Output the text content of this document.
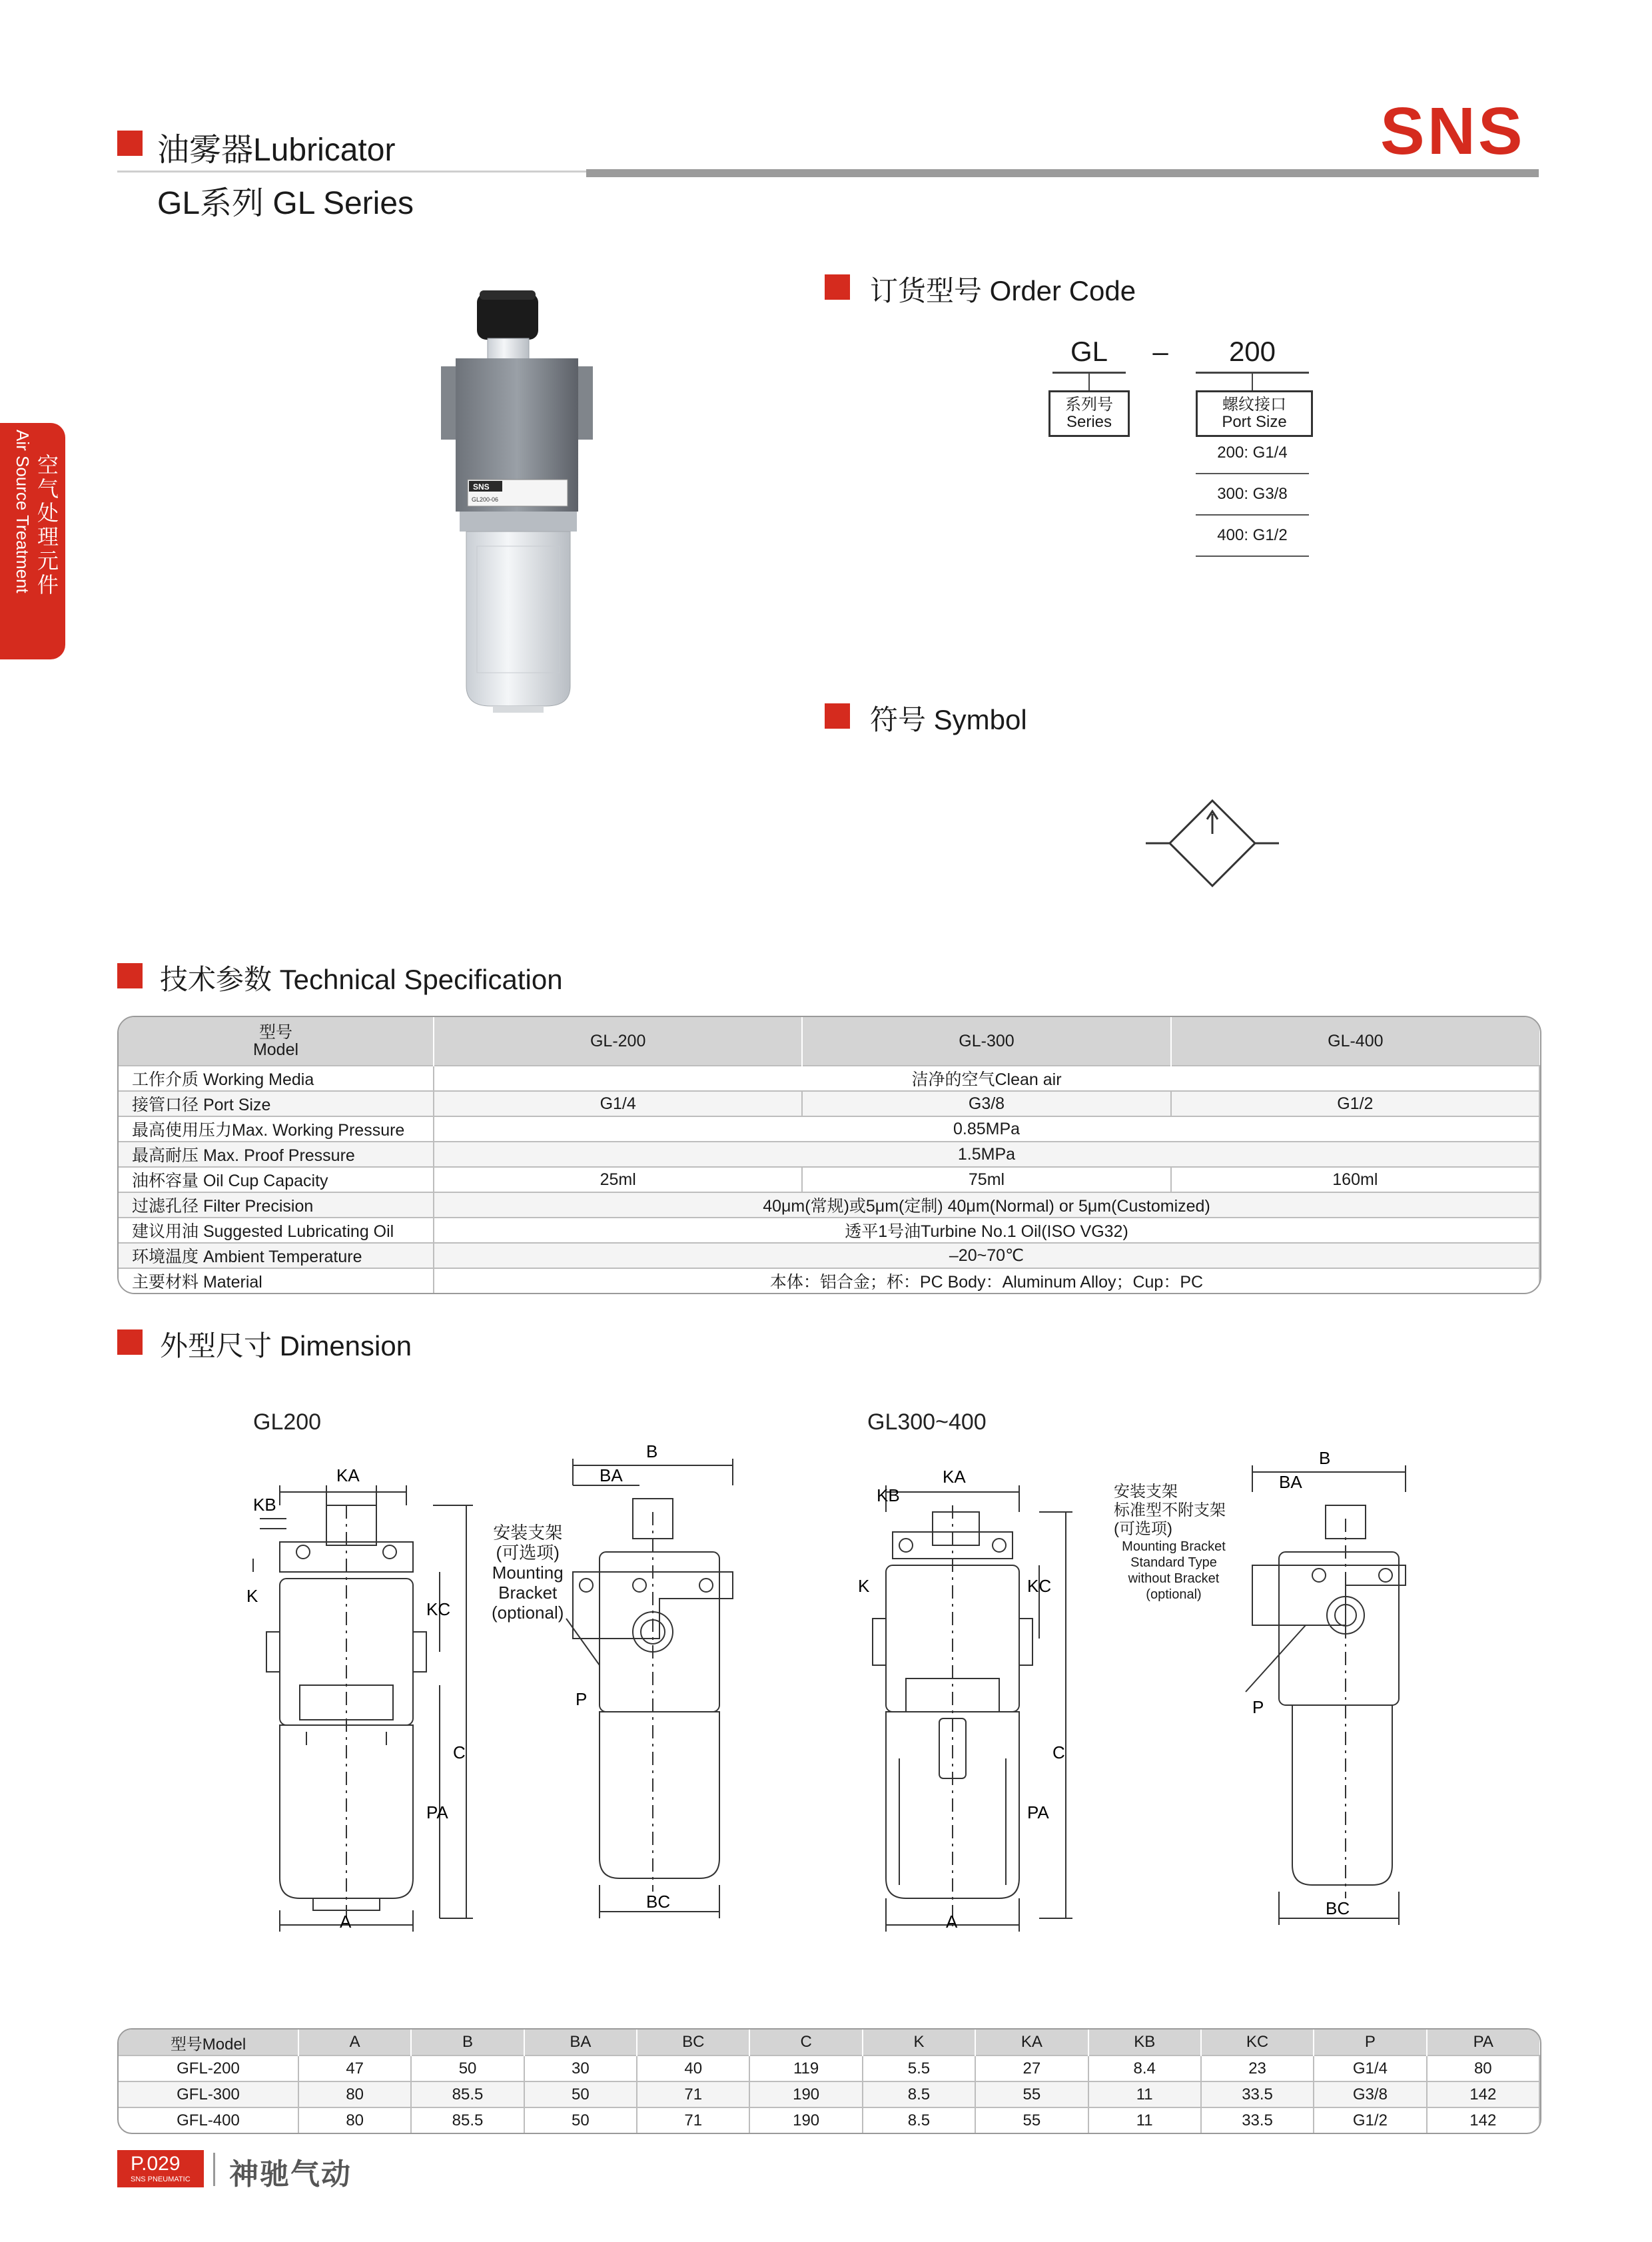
油雾器Lubricator
GL系列 GL Series
SNS
空气处理元件
Air Source Treatment	SNS
GL200-06
订货型号 Order Code
GL	–	200
系列号
Series
螺纹接口
Port Size
200: G1/4
300: G3/8
400: G1/2
符号 Symbol
技术参数 Technical Specification
型号
Model	GL-200	GL-300	GL-400
工作介质 Working Media	洁净的空气Clean air		
接管口径 Port Size	G1/4	G3/8	G1/2
最高使用压力Max. Working Pressure	0.85MPa		
最高耐压 Max. Proof Pressure	1.5MPa		
油杯容量 Oil Cup Capacity	25ml	75ml	160ml
过滤孔径 Filter Precision	40μm(常规)或5μm(定制) 40μm(Normal) or 5μm(Customized)		
建议用油 Suggested Lubricating Oil	透平1号油Turbine No.1 Oil(ISO VG32)		
环境温度 Ambient Temperature	–20~70℃		
主要材料 Material	本体：铝合金；杯：PC Body：Aluminum Alloy；Cup：PC		
外型尺寸 Dimension
GL200	GL300~400
KA
KB
K
KC
C
PA
A
B
BA
BC
P
安装支架
(可选项)
Mounting
Bracket
(optional)
KA
KB
K	KC
C
PA
A
B
BA
BC
P
安装支架
标准型不附支架
(可选项)
Mounting Bracket
Standard Type
without Bracket
(optional)
型号Model	A	B	BA	BC	C	K	KA	KB	KC	P	PA
GFL-200	47	50	30	40	119	5.5	27	8.4	23	G1/4	80
GFL-300	80	85.5	50	71	190	8.5	55	11	33.5	G3/8	142
GFL-400	80	85.5	50	71	190	8.5	55	11	33.5	G1/2	142
P.029
SNS PNEUMATIC 神驰气动
